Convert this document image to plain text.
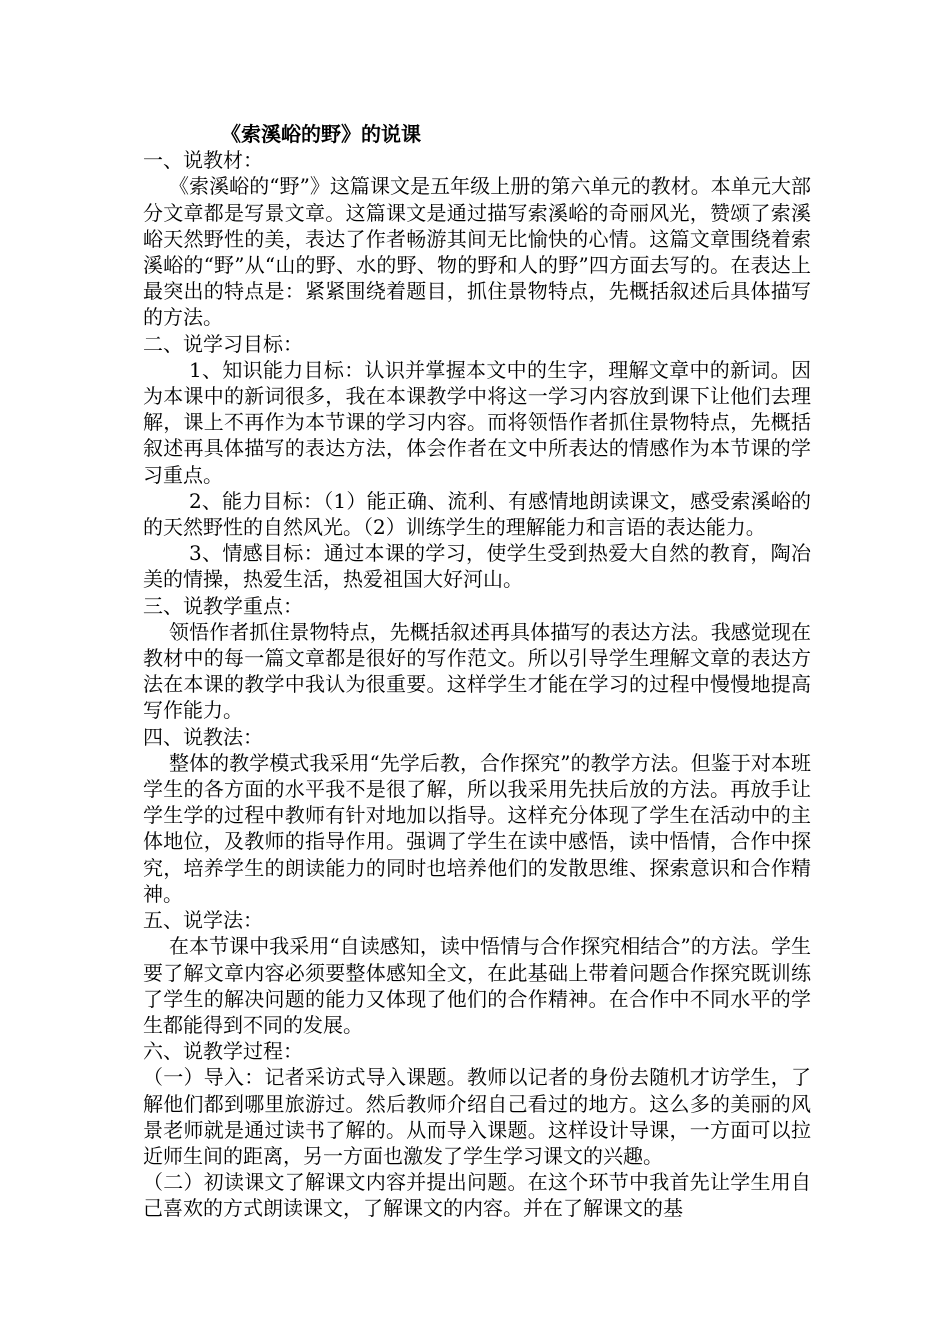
《索溪峪的野》的说课
一、说教材：

《索溪峪的“野”》这篇课文是五年级上册的第六单元的教材。本单元大部分文章都是写景文章。这篇课文是通过描写索溪峪的奇丽风光，赞颂了索溪峪天然野性的美，表达了作者畅游其间无比愉快的心情。这篇文章围绕着索溪峪的“野”从“山的野、水的野、物的野和人的野”四方面去写的。在表达上最突出的特点是：紧紧围绕着题目，抓住景物特点，先概括叙述后具体描写的方法。

二、说学习目标：

1、知识能力目标：认识并掌握本文中的生字，理解文章中的新词。因为本课中的新词很多，我在本课教学中将这一学习内容放到课下让他们去理解，课上不再作为本节课的学习内容。而将领悟作者抓住景物特点，先概括叙述再具体描写的表达方法，体会作者在文中所表达的情感作为本节课的学习重点。

2、能力目标：（1）能正确、流利、有感情地朗读课文，感受索溪峪的的天然野性的自然风光。（2）训练学生的理解能力和言语的表达能力。

3、情感目标：通过本课的学习，使学生受到热爱大自然的教育，陶冶美的情操，热爱生活，热爱祖国大好河山。

三、说教学重点：

领悟作者抓住景物特点，先概括叙述再具体描写的表达方法。我感觉现在教材中的每一篇文章都是很好的写作范文。所以引导学生理解文章的表达方法在本课的教学中我认为很重要。这样学生才能在学习的过程中慢慢地提高写作能力。

四、说教法：

整体的教学模式我采用“先学后教，合作探究”的教学方法。但鉴于对本班学生的各方面的水平我不是很了解，所以我采用先扶后放的方法。再放手让学生学的过程中教师有针对地加以指导。这样充分体现了学生在活动中的主体地位，及教师的指导作用。强调了学生在读中感悟，读中悟情，合作中探究，培养学生的朗读能力的同时也培养他们的发散思维、探索意识和合作精神。

五、说学法：

在本节课中我采用“自读感知，读中悟情与合作探究相结合”的方法。学生要了解文章内容必须要整体感知全文，在此基础上带着问题合作探究既训练了学生的解决问题的能力又体现了他们的合作精神。在合作中不同水平的学生都能得到不同的发展。

六、说教学过程：

（一）导入：记者采访式导入课题。教师以记者的身份去随机才访学生，了解他们都到哪里旅游过。然后教师介绍自己看过的地方。这么多的美丽的风景老师就是通过读书了解的。从而导入课题。这样设计导课，一方面可以拉近师生间的距离，另一方面也激发了学生学习课文的兴趣。

（二）初读课文了解课文内容并提出问题。在这个环节中我首先让学生用自己喜欢的方式朗读课文，了解课文的内容。并在了解课文的基
